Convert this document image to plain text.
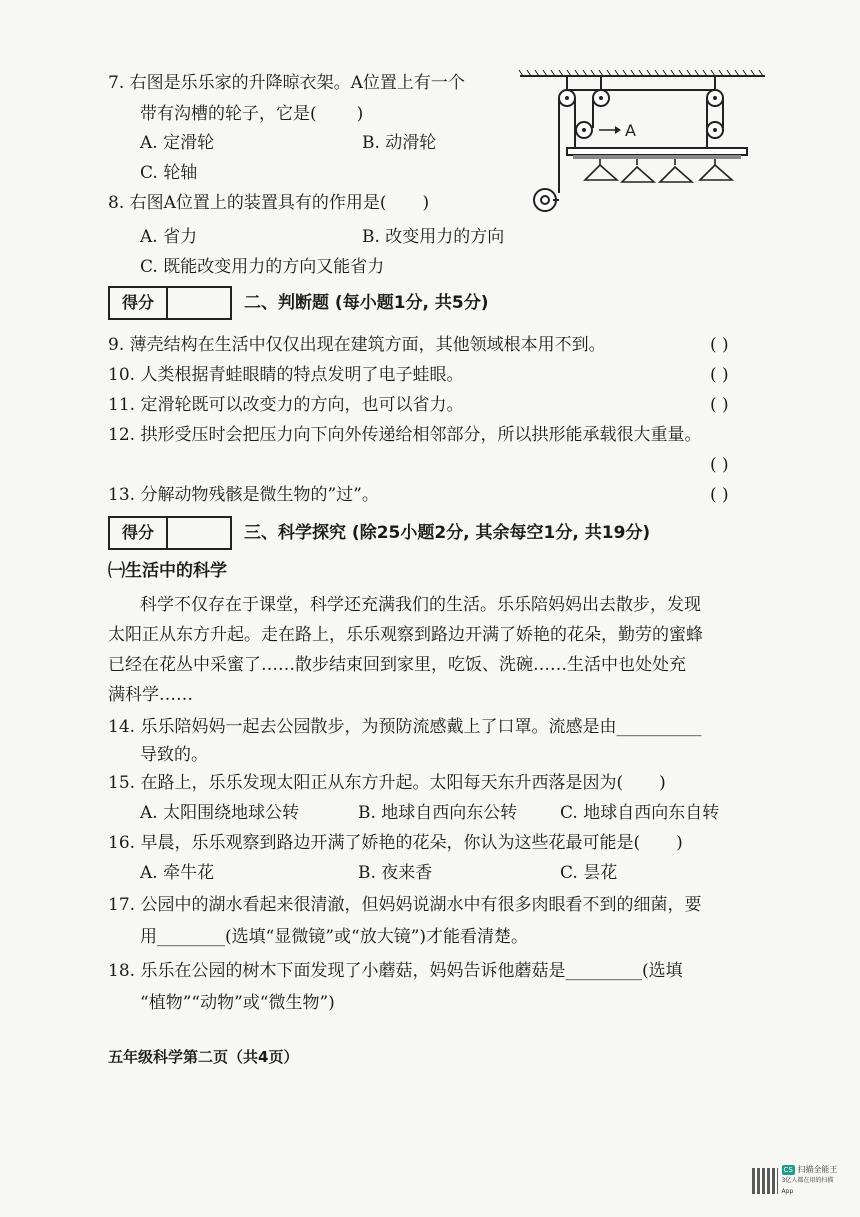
7. 右图是乐乐家的升降晾衣架。A位置上有一个
带有沟槽的轮子，它是( )
A. 定滑轮	B. 动滑轮
C. 轮轴
A
8. 右图A位置上的装置具有的作用是( )
A. 省力	B. 改变用力的方向
C. 既能改变用力的方向又能省力
得分	二、判断题 (每小题1分, 共5分)
9. 薄壳结构在生活中仅仅出现在建筑方面，其他领域根本用不到。	( )
10. 人类根据青蛙眼睛的特点发明了电子蛙眼。	( )
11. 定滑轮既可以改变力的方向，也可以省力。	( )
12. 拱形受压时会把压力向下向外传递给相邻部分，所以拱形能承载很大重量。
( )
13. 分解动物残骸是微生物的”过”。	( )
得分	三、科学探究 (除25小题2分, 其余每空1分, 共19分)
㈠生活中的科学
科学不仅存在于课堂，科学还充满我们的生活。乐乐陪妈妈出去散步，发现
太阳正从东方升起。走在路上，乐乐观察到路边开满了娇艳的花朵，勤劳的蜜蜂
已经在花丛中采蜜了……散步结束回到家里，吃饭、洗碗……生活中也处处充
满科学……
14. 乐乐陪妈妈一起去公园散步，为预防流感戴上了口罩。流感是由__________
导致的。
15. 在路上，乐乐发现太阳正从东方升起。太阳每天东升西落是因为( )
A. 太阳围绕地球公转	B. 地球自西向东公转	C. 地球自西向东自转
16. 早晨，乐乐观察到路边开满了娇艳的花朵，你认为这些花最可能是( )
A. 牵牛花	B. 夜来香	C. 昙花
17. 公园中的湖水看起来很清澈，但妈妈说湖水中有很多肉眼看不到的细菌，要
用________(选填“显微镜”或“放大镜”)才能看清楚。
18. 乐乐在公园的树木下面发现了小蘑菇，妈妈告诉他蘑菇是_________(选填
“植物”“动物”或“微生物”)
五年级科学第二页（共4页）
CS 扫描全能王
3亿人都在用的扫描App
